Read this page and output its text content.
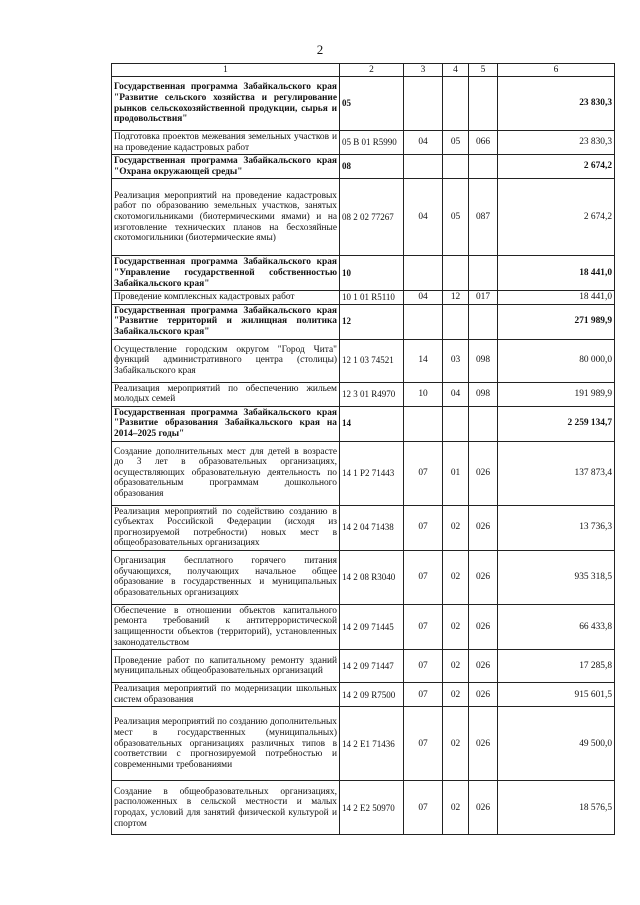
2
1	2	3	4	5	6
Государственная программа Забайкальского края "Развитие сельского хозяйства и регулирование рынков сельскохозяйственной продукции, сырья и продовольствия"	05				23 830,3
Подготовка проектов межевания земельных участков и на проведение кадастровых работ	05 В 01 R5990	04	05	066	23 830,3
Государственная программа Забайкальского края "Охрана окружающей среды"	08				2 674,2
Реализация мероприятий на проведение кадастровых работ по образованию земельных участков, занятых скотомогильниками (биотермическими ямами) и на изготовление технических планов на бесхозяйные скотомогильники (биотермические ямы)	08 2 02 77267	04	05	087	2 674,2
Государственная программа Забайкальского края "Управление государственной собственностью Забайкальского края"	10				18 441,0
Проведение комплексных кадастровых работ	10 1 01 R5110	04	12	017	18 441,0
Государственная программа Забайкальского края "Развитие территорий и жилищная политика Забайкальского края"	12				271 989,9
Осуществление городским округом "Город Чита" функций административного центра (столицы) Забайкальского края	12 1 03 74521	14	03	098	80 000,0
Реализация мероприятий по обеспечению жильем молодых семей	12 3 01 R4970	10	04	098	191 989,9
Государственная программа Забайкальского края "Развитие образования Забайкальского края на 2014–2025 годы"	14				2 259 134,7
Создание дополнительных мест для детей в возрасте до 3 лет в образовательных организациях, осуществляющих образовательную деятельность по образовательным программам дошкольного образования	14 1 P2 71443	07	01	026	137 873,4
Реализация мероприятий по содействию созданию в субъектах Российской Федерации (исходя из прогнозируемой потребности) новых мест в общеобразовательных организациях	14 2 04 71438	07	02	026	13 736,3
Организация бесплатного горячего питания обучающихся, получающих начальное общее образование в государственных и муниципальных образовательных организациях	14 2 08 R3040	07	02	026	935 318,5
Обеспечение в отношении объектов капитального ремонта требований к антитеррористической защищенности объектов (территорий), установленных законодательством	14 2 09 71445	07	02	026	66 433,8
Проведение работ по капитальному ремонту зданий муниципальных общеобразовательных организаций	14 2 09 71447	07	02	026	17 285,8
Реализация мероприятий по модернизации школьных систем образования	14 2 09 R7500	07	02	026	915 601,5
Реализация мероприятий по созданию дополнительных мест в государственных (муниципальных) образовательных организациях различных типов в соответствии с прогнозируемой потребностью и современными требованиями	14 2 E1 71436	07	02	026	49 500,0
Создание в общеобразовательных организациях, расположенных в сельской местности и малых городах, условий для занятий физической культурой и спортом	14 2 E2 50970	07	02	026	18 576,5
